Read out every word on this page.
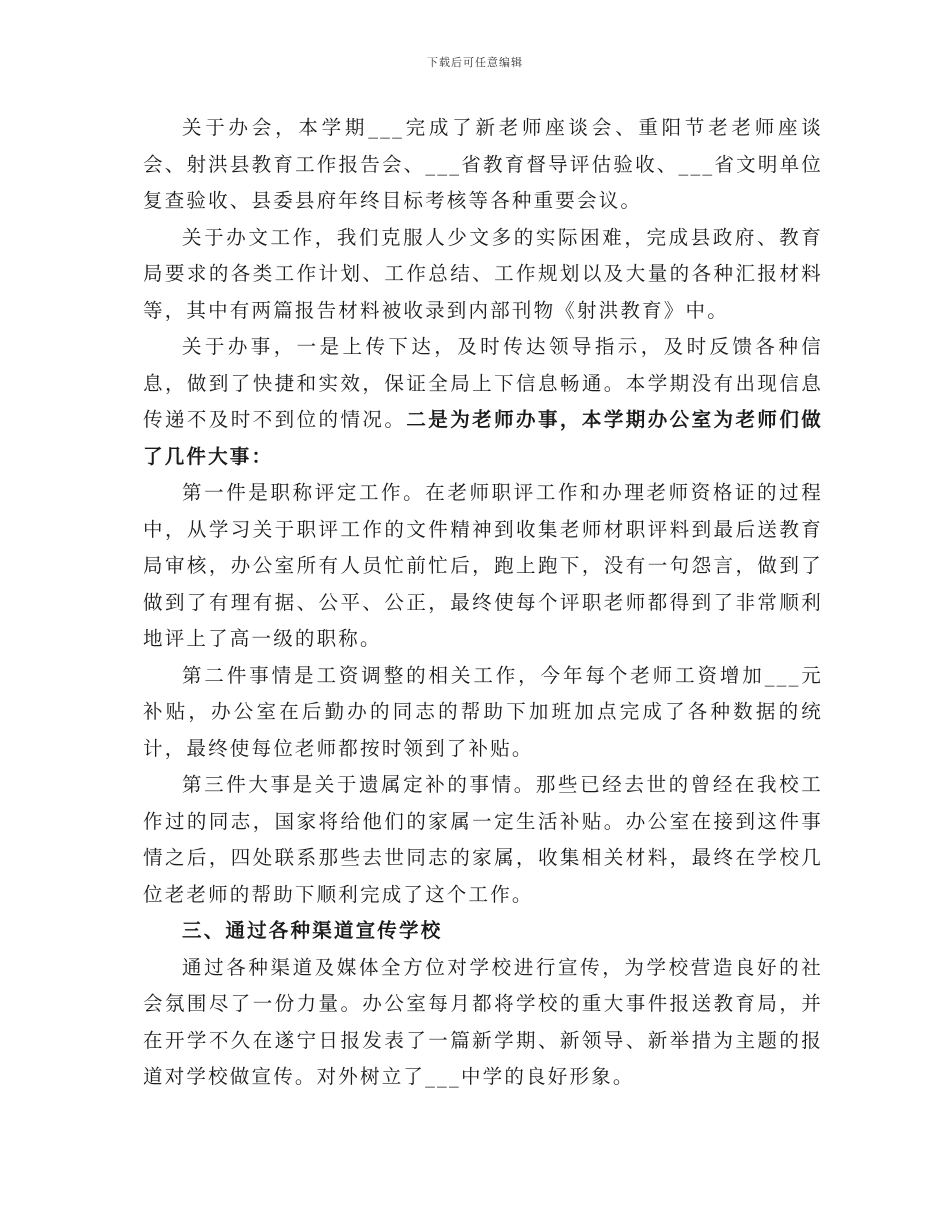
下载后可任意编辑

关于办会，本学期___完成了新老师座谈会、重阳节老老师座谈会、射洪县教育工作报告会、___省教育督导评估验收、___省文明单位复查验收、县委县府年终目标考核等各种重要会议。

关于办文工作，我们克服人少文多的实际困难，完成县政府、教育局要求的各类工作计划、工作总结、工作规划以及大量的各种汇报材料等，其中有两篇报告材料被收录到内部刊物《射洪教育》中。

关于办事，一是上传下达，及时传达领导指示，及时反馈各种信息，做到了快捷和实效，保证全局上下信息畅通。本学期没有出现信息传递不及时不到位的情况。二是为老师办事，本学期办公室为老师们做了几件大事：

第一件是职称评定工作。在老师职评工作和办理老师资格证的过程中，从学习关于职评工作的文件精神到收集老师材职评料到最后送教育局审核，办公室所有人员忙前忙后，跑上跑下，没有一句怨言，做到了做到了有理有据、公平、公正，最终使每个评职老师都得到了非常顺利地评上了高一级的职称。

第二件事情是工资调整的相关工作，今年每个老师工资增加___元补贴，办公室在后勤办的同志的帮助下加班加点完成了各种数据的统计，最终使每位老师都按时领到了补贴。

第三件大事是关于遗属定补的事情。那些已经去世的曾经在我校工作过的同志，国家将给他们的家属一定生活补贴。办公室在接到这件事情之后，四处联系那些去世同志的家属，收集相关材料，最终在学校几位老老师的帮助下顺利完成了这个工作。

三、通过各种渠道宣传学校

通过各种渠道及媒体全方位对学校进行宣传，为学校营造良好的社会氛围尽了一份力量。办公室每月都将学校的重大事件报送教育局，并在开学不久在遂宁日报发表了一篇新学期、新领导、新举措为主题的报道对学校做宣传。对外树立了___中学的良好形象。
